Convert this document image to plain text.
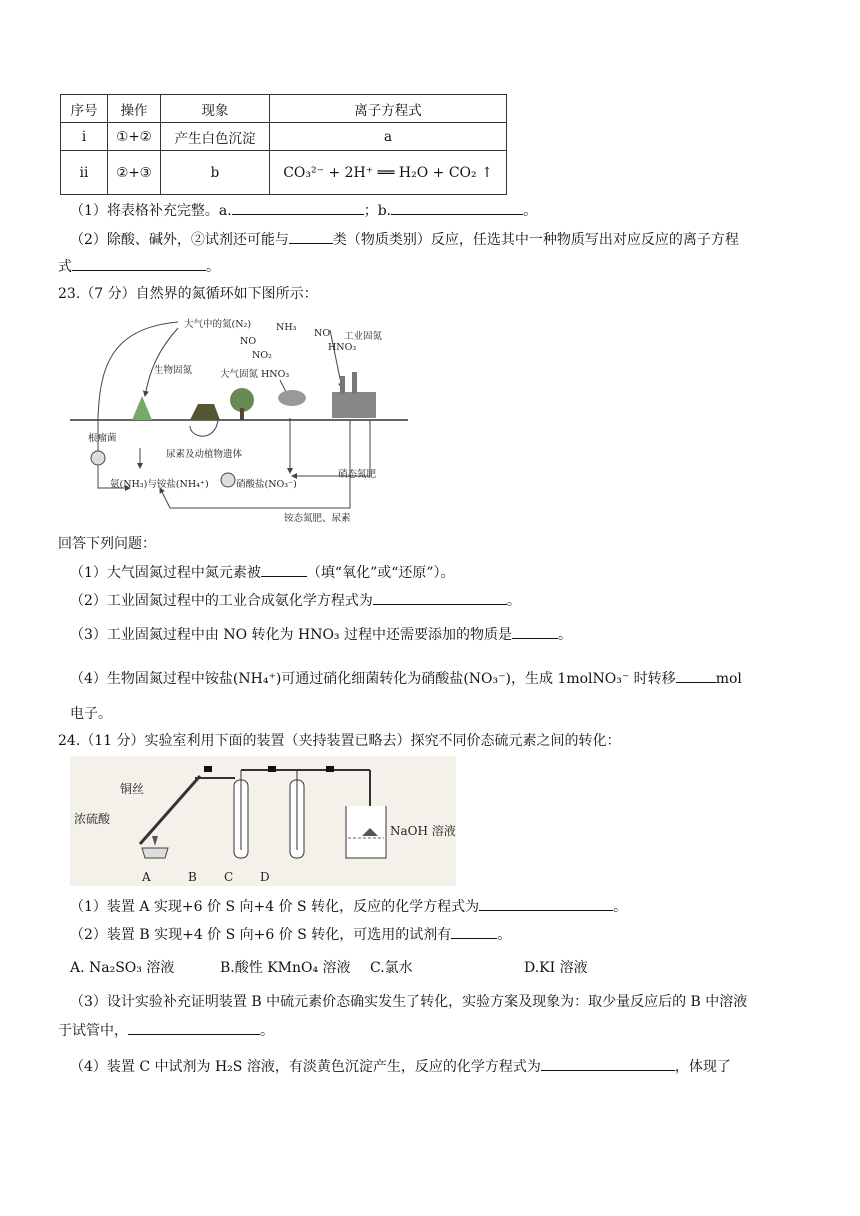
序号	操作	现象	离子方程式
i	①+②	产生白色沉淀	a
ii	②+③	b	CO₃²⁻ + 2H⁺ ══ H₂O + CO₂ ↑
（1）将表格补充完整。a.	；b.	。
（2）除酸、碱外，②试剂还可能与	类（物质类别）反应，任选其中一种物质写出对应反应的离子方程
式	。
23.（7 分）自然界的氮循环如下图所示：
大气中的氮(N₂)	NH₃
NO
NO
NO₂
工业固氮
HNO₃
生物固氮	大气固氮 HNO₃
根瘤菌
尿素及动植物遗体
氨(NH₃)与铵盐(NH₄⁺)	硝酸盐(NO₃⁻)
硝态氮肥
铵态氮肥、尿素
回答下列问题：
（1）大气固氮过程中氮元素被	（填“氧化”或“还原”）。
（2）工业固氮过程中的工业合成氨化学方程式为	。
（3）工业固氮过程中由 NO 转化为 HNO₃ 过程中还需要添加的物质是	。
（4）生物固氮过程中铵盐(NH₄⁺)可通过硝化细菌转化为硝酸盐(NO₃⁻)，生成 1molNO₃⁻ 时转移	mol
电子。
24.（11 分）实验室利用下面的装置（夹持装置已略去）探究不同价态硫元素之间的转化：
铜丝
浓硫酸
NaOH 溶液
A	B C D
（1）装置 A 实现+6 价 S 向+4 价 S 转化，反应的化学方程式为	。
（2）装置 B 实现+4 价 S 向+6 价 S 转化，可选用的试剂有	。
A. Na₂SO₃ 溶液	B.酸性 KMnO₄ 溶液 C.氯水	D.KI 溶液
（3）设计实验补充证明装置 B 中硫元素价态确实发生了转化，实验方案及现象为：取少量反应后的 B 中溶液
于试管中，	。
（4）装置 C 中试剂为 H₂S 溶液，有淡黄色沉淀产生，反应的化学方程式为	，体现了
